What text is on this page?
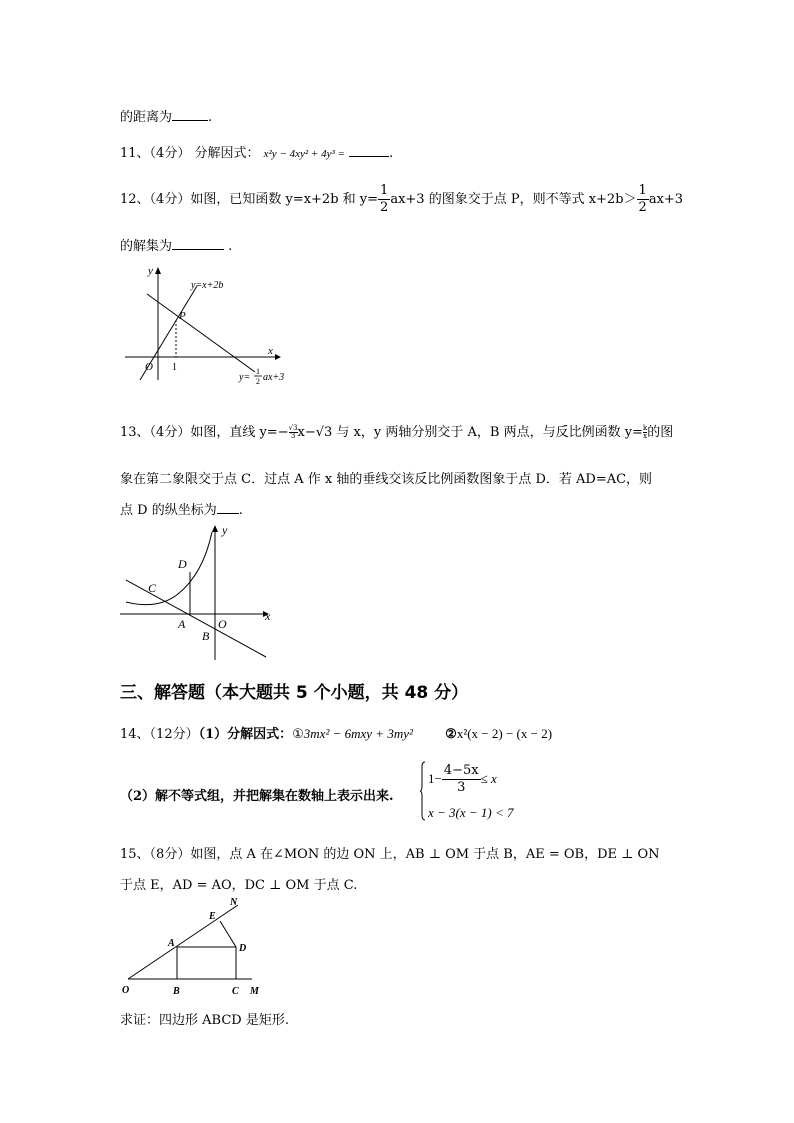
的距离为	.
11、（4分） 分解因式： x²y − 4xy² + 4y³ =	.
12、（4分）如图，已知函数 y=x+2b 和 $y= \frac{1}{2} ax+3$ 的图象交于点 P，则不等式 $x+2b> \frac{1}{2} ax+3$
的解集为	.
y
x
O 1
P
y=x+2b
y=
1
2 ax+3
13、（4分）如图，直线 $y=- \frac{√3}{3}x-√3$ 与 x，y 两轴分别交于 A，B 两点，与反比例函数 $y= \frac{k}{x}$的图
象在第二象限交于点 C．过点 A 作 x 轴的垂线交该反比例函数图象于点 D．若 AD=AC，则
点 D 的纵坐标为 .
y
x
O
A
B
C
D
三、解答题（本大题共 5 个小题，共 48 分）
14、（12分）（1）分解因式：①3mx² − 6mxy + 3my² ②x²(x − 2) − (x − 2)
（2）解不等式组，并把解集在数轴上表示出来.
$1- \frac{4-5x}{3} \le x$
x − 3(x − 1) < 7
15、（8分）如图，点 A 在∠MON 的边 ON 上，AB ⊥ OM 于点 B，AE = OB，DE ⊥ ON
于点 E，AD = AO，DC ⊥ OM 于点 C.
O	B	C M
A	D
E
N
求证：四边形 ABCD 是矩形.
